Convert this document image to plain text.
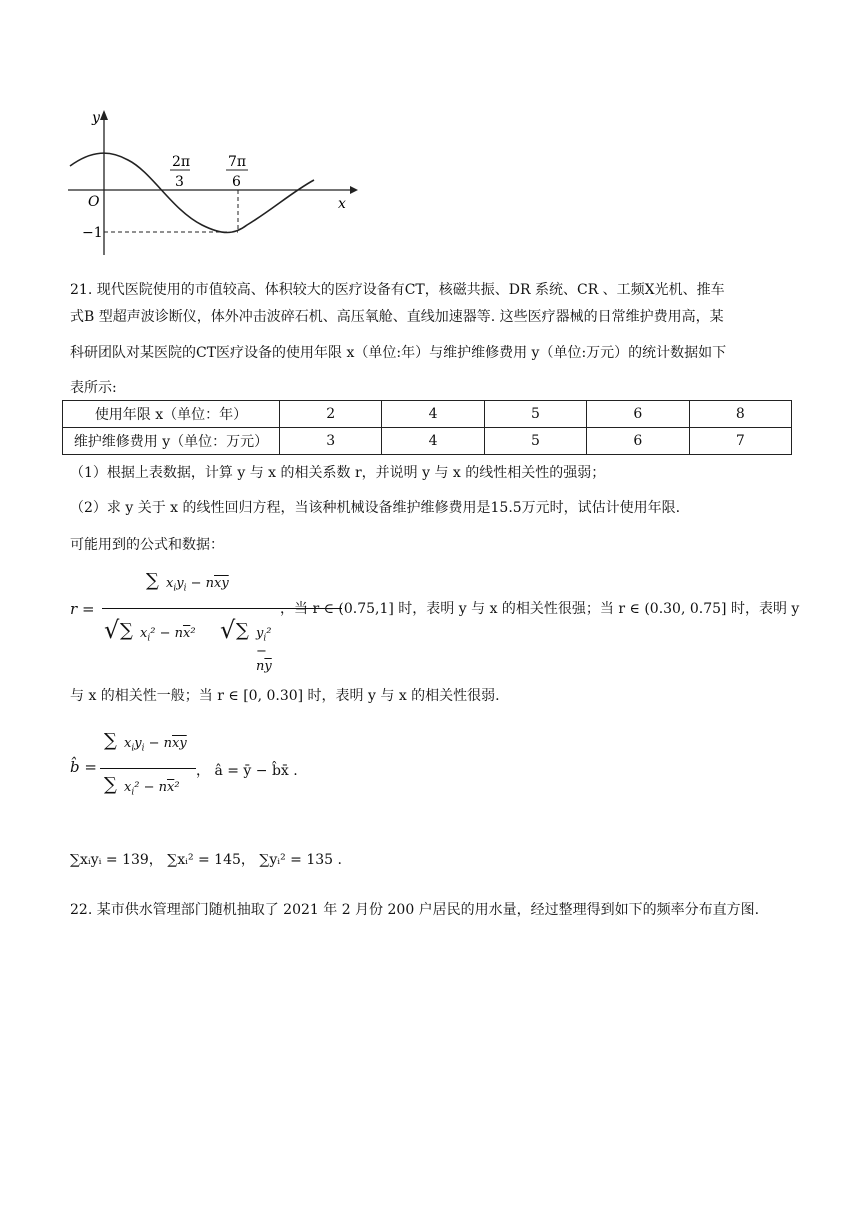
y
x
O
2π
3
7π
6
−1
21. 现代医院使用的市值较高、体积较大的医疗设备有CT，核磁共振、DR 系统、CR 、工频X光机、推车
式B 型超声波诊断仪，体外冲击波碎石机、高压氧舱、直线加速器等. 这些医疗器械的日常维护费用高，某
科研团队对某医院的CT医疗设备的使用年限 x（单位:年）与维护维修费用 y（单位:万元）的统计数据如下
表所示:
使用年限 x（单位：年）	2	4	5	6	8
维护维修费用 y（单位：万元）	3	4	5	6	7
（1）根据上表数据，计算 y 与 x 的相关系数 r，并说明 y 与 x 的线性相关性的强弱；
（2）求 y 关于 x 的线性回归方程，当该种机械设备维护维修费用是15.5万元时，试估计使用年限.
可能用到的公式和数据：
r =
∑ $x_iy_i - n\overline{xy}$
√ ∑ $x_i^2 - n\overline{x}^2$ √ ∑ $y_i^2 - n\overline{y}$
，当 r ∈ (0.75,1] 时，表明 y 与 x 的相关性很强；当 r ∈ (0.30, 0.75] 时，表明 y
与 x 的相关性一般；当 r ∈ [0, 0.30] 时，表明 y 与 x 的相关性很弱.
b̂ =
∑ $x_iy_i - n\overline{xy}$
∑ $x_i^2 - n\overline{x}^2$
， â = ȳ − b̂x̄ .
∑xᵢyᵢ = 139， ∑xᵢ² = 145， ∑yᵢ² = 135 .
22. 某市供水管理部门随机抽取了 2021 年 2 月份 200 户居民的用水量，经过整理得到如下的频率分布直方图.
